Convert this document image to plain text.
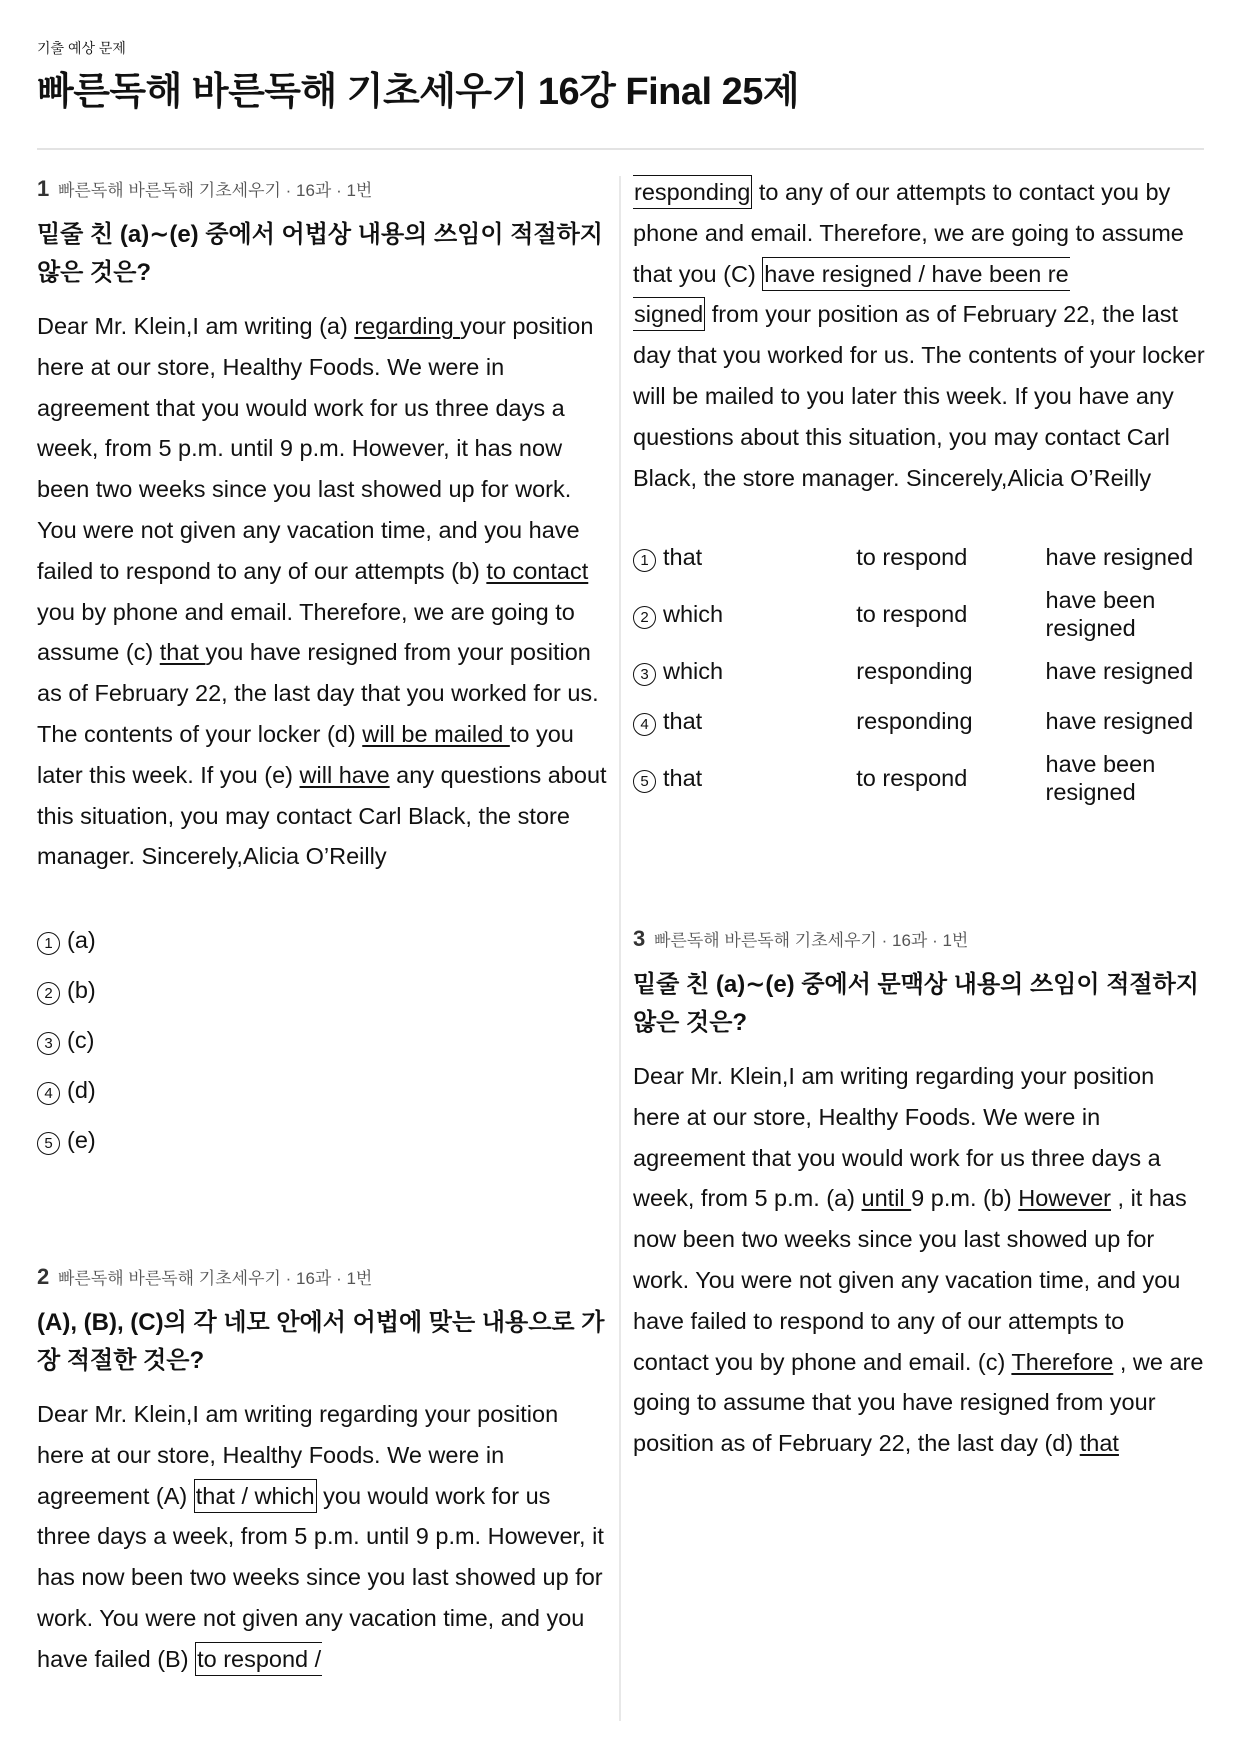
기출 예상 문제
빠른독해 바른독해 기초세우기 16강 Final 25제
1 빠른독해 바른독해 기초세우기 · 16과 · 1번
밑줄 친 (a)∼(e) 중에서 어법상 내용의 쓰임이 적절하지 않은 것은?
Dear Mr. Klein,I am writing (a) regarding your position here at our store, Healthy Foods. We were in agreement that you would work for us three days a week, from 5 p.m. until 9 p.m. However, it has now been two weeks since you last showed up for work. You were not given any vacation time, and you have failed to respond to any of our attempts (b) to contact you by phone and email. Therefore, we are going to assume (c) that you have resigned from your position as of February 22, the last day that you worked for us. The contents of your locker (d) will be mailed to you later this week. If you (e) will have any questions about this situation, you may contact Carl Black, the store manager. Sincerely,Alicia O’Reilly
1 (a)
2 (b)
3 (c)
4 (d)
5 (e)
2 빠른독해 바른독해 기초세우기 · 16과 · 1번
(A), (B), (C)의 각 네모 안에서 어법에 맞는 내용으로 가장 적절한 것은?
Dear Mr. Klein,I am writing regarding your position here at our store, Healthy Foods. We were in agreement (A) that / which you would work for us three days a week, from 5 p.m. until 9 p.m. However, it has now been two weeks since you last showed up for work. You were not given any vacation time, and you have failed (B) to respond /
responding to any of our attempts to contact you by phone and email. Therefore, we are going to assume that you (C) have resigned / have been re
signed from your position as of February 22, the last day that you worked for us. The contents of your locker will be mailed to you later this week. If you have any questions about this situation, you may contact Carl Black, the store manager. Sincerely,Alicia O’Reilly
1 that	to respond	have resigned
2 which	to respond	have been resigned
3 which	responding	have resigned
4 that	responding	have resigned
5 that	to respond	have been resigned
3 빠른독해 바른독해 기초세우기 · 16과 · 1번
밑줄 친 (a)∼(e) 중에서 문맥상 내용의 쓰임이 적절하지 않은 것은?
Dear Mr. Klein,I am writing regarding your position here at our store, Healthy Foods. We were in agreement that you would work for us three days a week, from 5 p.m. (a) until 9 p.m. (b) However , it has now been two weeks since you last showed up for work. You were not given any vacation time, and you have failed to respond to any of our attempts to contact you by phone and email. (c) Therefore , we are going to assume that you have resigned from your position as of February 22, the last day (d) that
